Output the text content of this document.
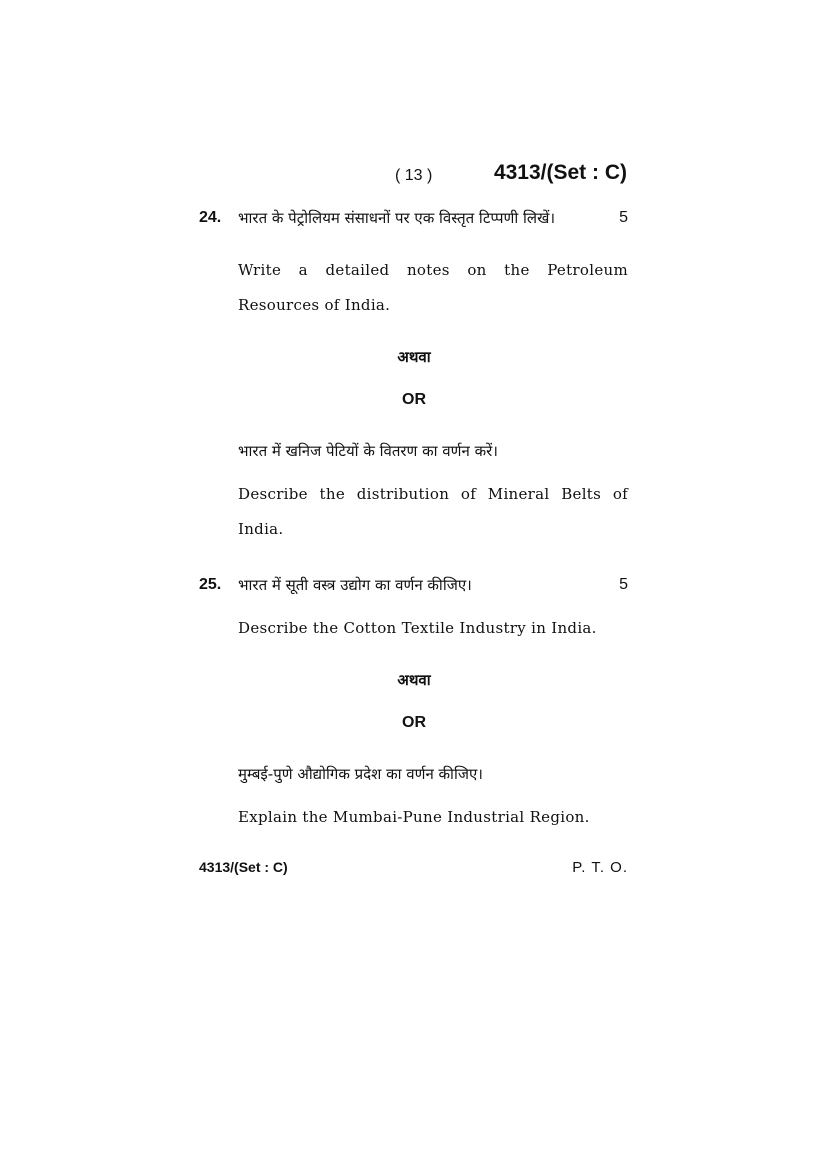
( 13 )	4313/(Set : C)
24. भारत के पेट्रोलियम संसाधनों पर एक विस्तृत टिप्पणी लिखें।	5
Write a detailed notes on the Petroleum
Resources of India.
अथवा
OR
भारत में खनिज पेटियों के वितरण का वर्णन करें।
Describe the distribution of Mineral Belts of
India.
25. भारत में सूती वस्त्र उद्योग का वर्णन कीजिए।	5
Describe the Cotton Textile Industry in India.
अथवा
OR
मुम्बई-पुणे औद्योगिक प्रदेश का वर्णन कीजिए।
Explain the Mumbai-Pune Industrial Region.
4313/(Set : C)	P. T. O.
